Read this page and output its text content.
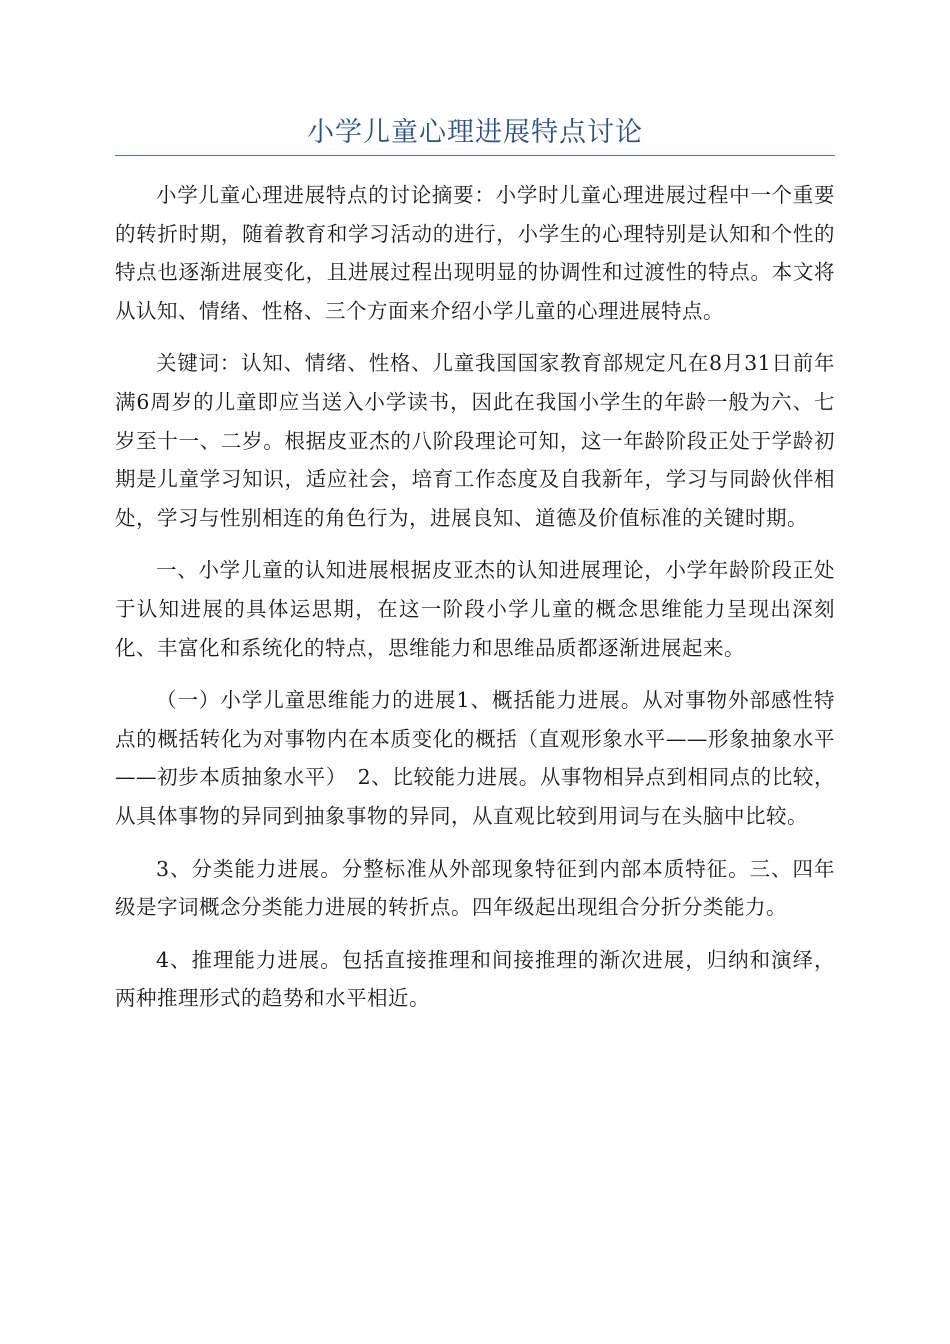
小学儿童心理进展特点讨论

小学儿童心理进展特点的讨论摘要：小学时儿童心理进展过程中一个重要的转折时期，随着教育和学习活动的进行，小学生的心理特别是认知和个性的特点也逐渐进展变化，且进展过程出现明显的协调性和过渡性的特点。本文将从认知、情绪、性格、三个方面来介绍小学儿童的心理进展特点。

关键词：认知、情绪、性格、儿童我国国家教育部规定凡在8月31日前年满6周岁的儿童即应当送入小学读书，因此在我国小学生的年龄一般为六、七岁至十一、二岁。根据皮亚杰的八阶段理论可知，这一年龄阶段正处于学龄初期是儿童学习知识，适应社会，培育工作态度及自我新年，学习与同龄伙伴相处，学习与性别相连的角色行为，进展良知、道德及价值标准的关键时期。

一、小学儿童的认知进展根据皮亚杰的认知进展理论，小学年龄阶段正处于认知进展的具体运思期，在这一阶段小学儿童的概念思维能力呈现出深刻化、丰富化和系统化的特点，思维能力和思维品质都逐渐进展起来。

（一）小学儿童思维能力的进展1、概括能力进展。从对事物外部感性特点的概括转化为对事物内在本质变化的概括（直观形象水平——形象抽象水平——初步本质抽象水平）　2、比较能力进展。从事物相异点到相同点的比较，从具体事物的异同到抽象事物的异同，从直观比较到用词与在头脑中比较。

3、分类能力进展。分整标准从外部现象特征到内部本质特征。三、四年级是字词概念分类能力进展的转折点。四年级起出现组合分折分类能力。

4、推理能力进展。包括直接推理和间接推理的渐次进展，归纳和演绎，两种推理形式的趋势和水平相近。
